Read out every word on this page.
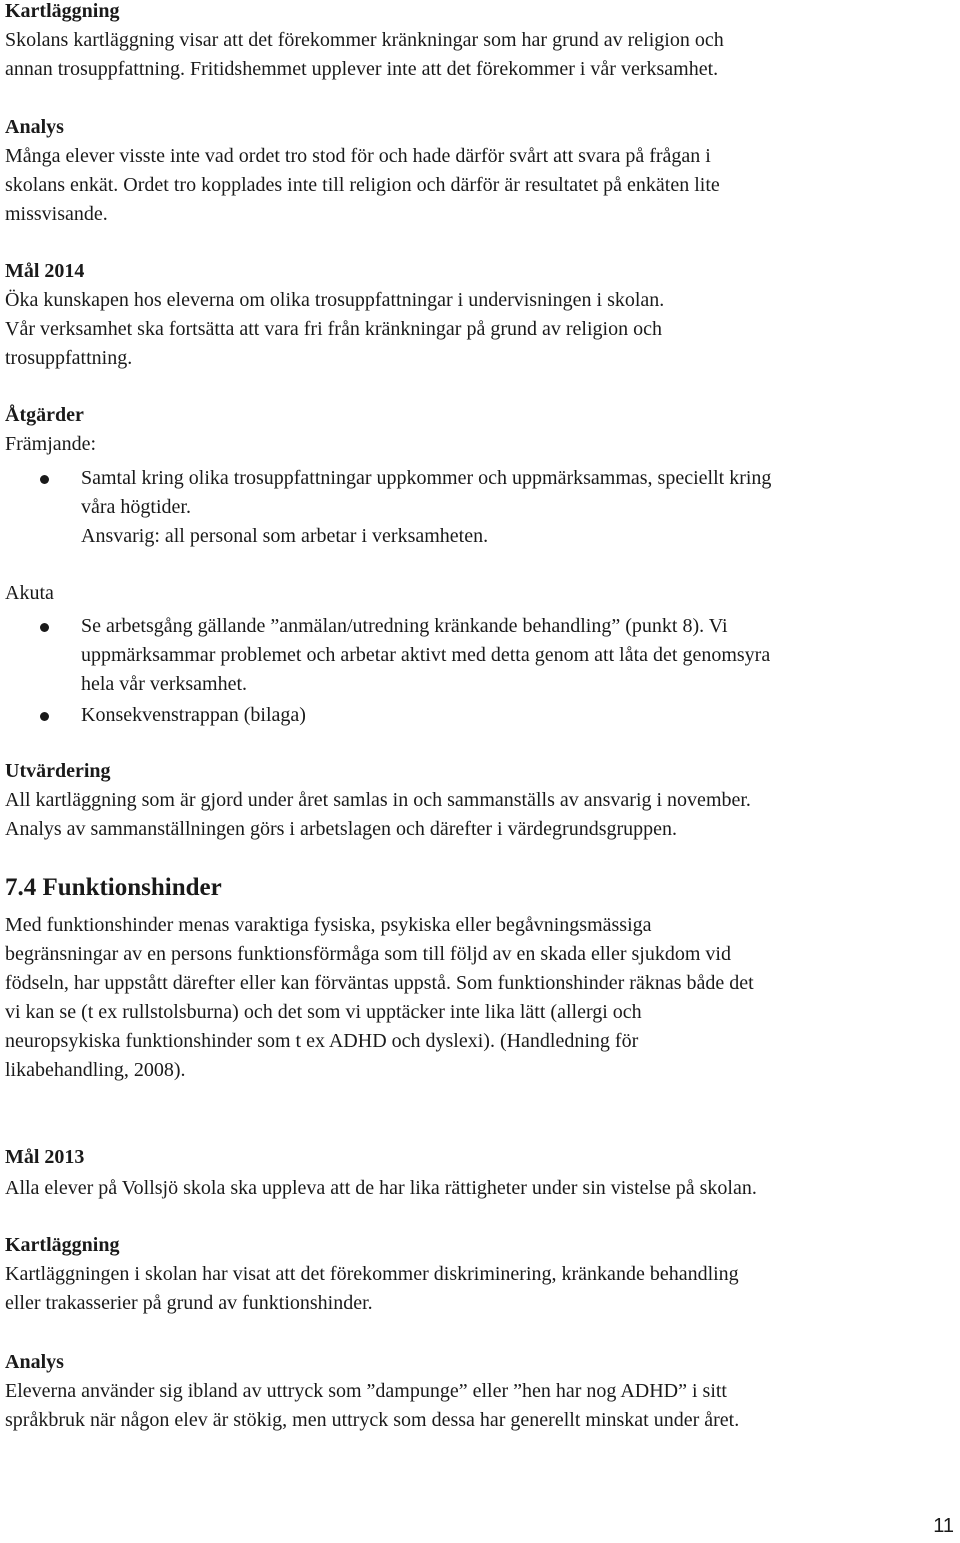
Kartläggning
Skolans kartläggning visar att det förekommer kränkningar som har grund av religion och
annan trosuppfattning. Fritidshemmet upplever inte att det förekommer i vår verksamhet.
Analys
Många elever visste inte vad ordet tro stod för och hade därför svårt att svara på frågan i
skolans enkät. Ordet tro kopplades inte till religion och därför är resultatet på enkäten lite
missvisande.
Mål 2014
Öka kunskapen hos eleverna om olika trosuppfattningar i undervisningen i skolan.
Vår verksamhet ska fortsätta att vara fri från kränkningar på grund av religion och
trosuppfattning.
Åtgärder
Främjande:
Samtal kring olika trosuppfattningar uppkommer och uppmärksammas, speciellt kring
våra högtider.
Ansvarig: all personal som arbetar i verksamheten.
Akuta
Se arbetsgång gällande ”anmälan/utredning kränkande behandling” (punkt 8). Vi
uppmärksammar problemet och arbetar aktivt med detta genom att låta det genomsyra
hela vår verksamhet.
Konsekvenstrappan (bilaga)
Utvärdering
All kartläggning som är gjord under året samlas in och sammanställs av ansvarig i november.
Analys av sammanställningen görs i arbetslagen och därefter i värdegrundsgruppen.
7.4 Funktionshinder
Med funktionshinder menas varaktiga fysiska, psykiska eller begåvningsmässiga
begränsningar av en persons funktionsförmåga som till följd av en skada eller sjukdom vid
födseln, har uppstått därefter eller kan förväntas uppstå. Som funktionshinder räknas både det
vi kan se (t ex rullstolsburna) och det som vi upptäcker inte lika lätt (allergi och
neuropsykiska funktionshinder som t ex ADHD och dyslexi). (Handledning för
likabehandling, 2008).
Mål 2013
Alla elever på Vollsjö skola ska uppleva att de har lika rättigheter under sin vistelse på skolan.
Kartläggning
Kartläggningen i skolan har visat att det förekommer diskriminering, kränkande behandling
eller trakasserier på grund av funktionshinder.
Analys
Eleverna använder sig ibland av uttryck som ”dampunge” eller ”hen har nog ADHD” i sitt
språkbruk när någon elev är stökig, men uttryck som dessa har generellt minskat under året.
11
